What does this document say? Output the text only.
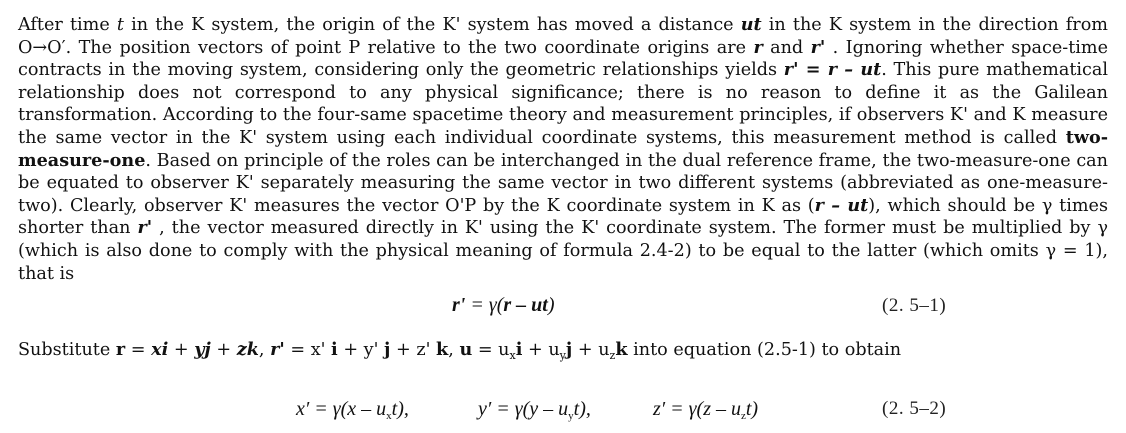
After time t in the K system, the origin of the K' system has moved a distance ut in the K system in the direction from O→O′. The position vectors of point P relative to the two coordinate origins are r and r' . Ignoring whether space-time contracts in the moving system, considering only the geometric relationships yields r' = r – ut. This pure mathematical relationship does not correspond to any physical significance; there is no reason to define it as the Galilean transformation. According to the four-same spacetime theory and measurement principles, if observers K' and K measure the same vector in the K' system using each individual coordinate systems, this measurement method is called two-measure-one. Based on principle of the roles can be interchanged in the dual reference frame, the two-measure-one can be equated to observer K' separately measuring the same vector in two different systems (abbreviated as one-measure-two). Clearly, observer K' measures the vector O'P by the K coordinate system in K as (r – ut), which should be γ times shorter than r' , the vector measured directly in K' using the K' coordinate system. The former must be multiplied by γ (which is also done to comply with the physical meaning of formula 2.4-2) to be equal to the latter (which omits γ = 1), that is

r' = γ(r – ut)	(2. 5–1)
Substitute r = xi + yj + zk, r' = x' i + y' j + z' k, $u = u_xi + u_yj + u_zk$ into equation (2.5-1) to obtain
$x' = \gamma(x - u_xt)$,	$y' = \gamma(y - u_yt)$,	$z' = \gamma(z - u_zt)$	(2. 5–2)
